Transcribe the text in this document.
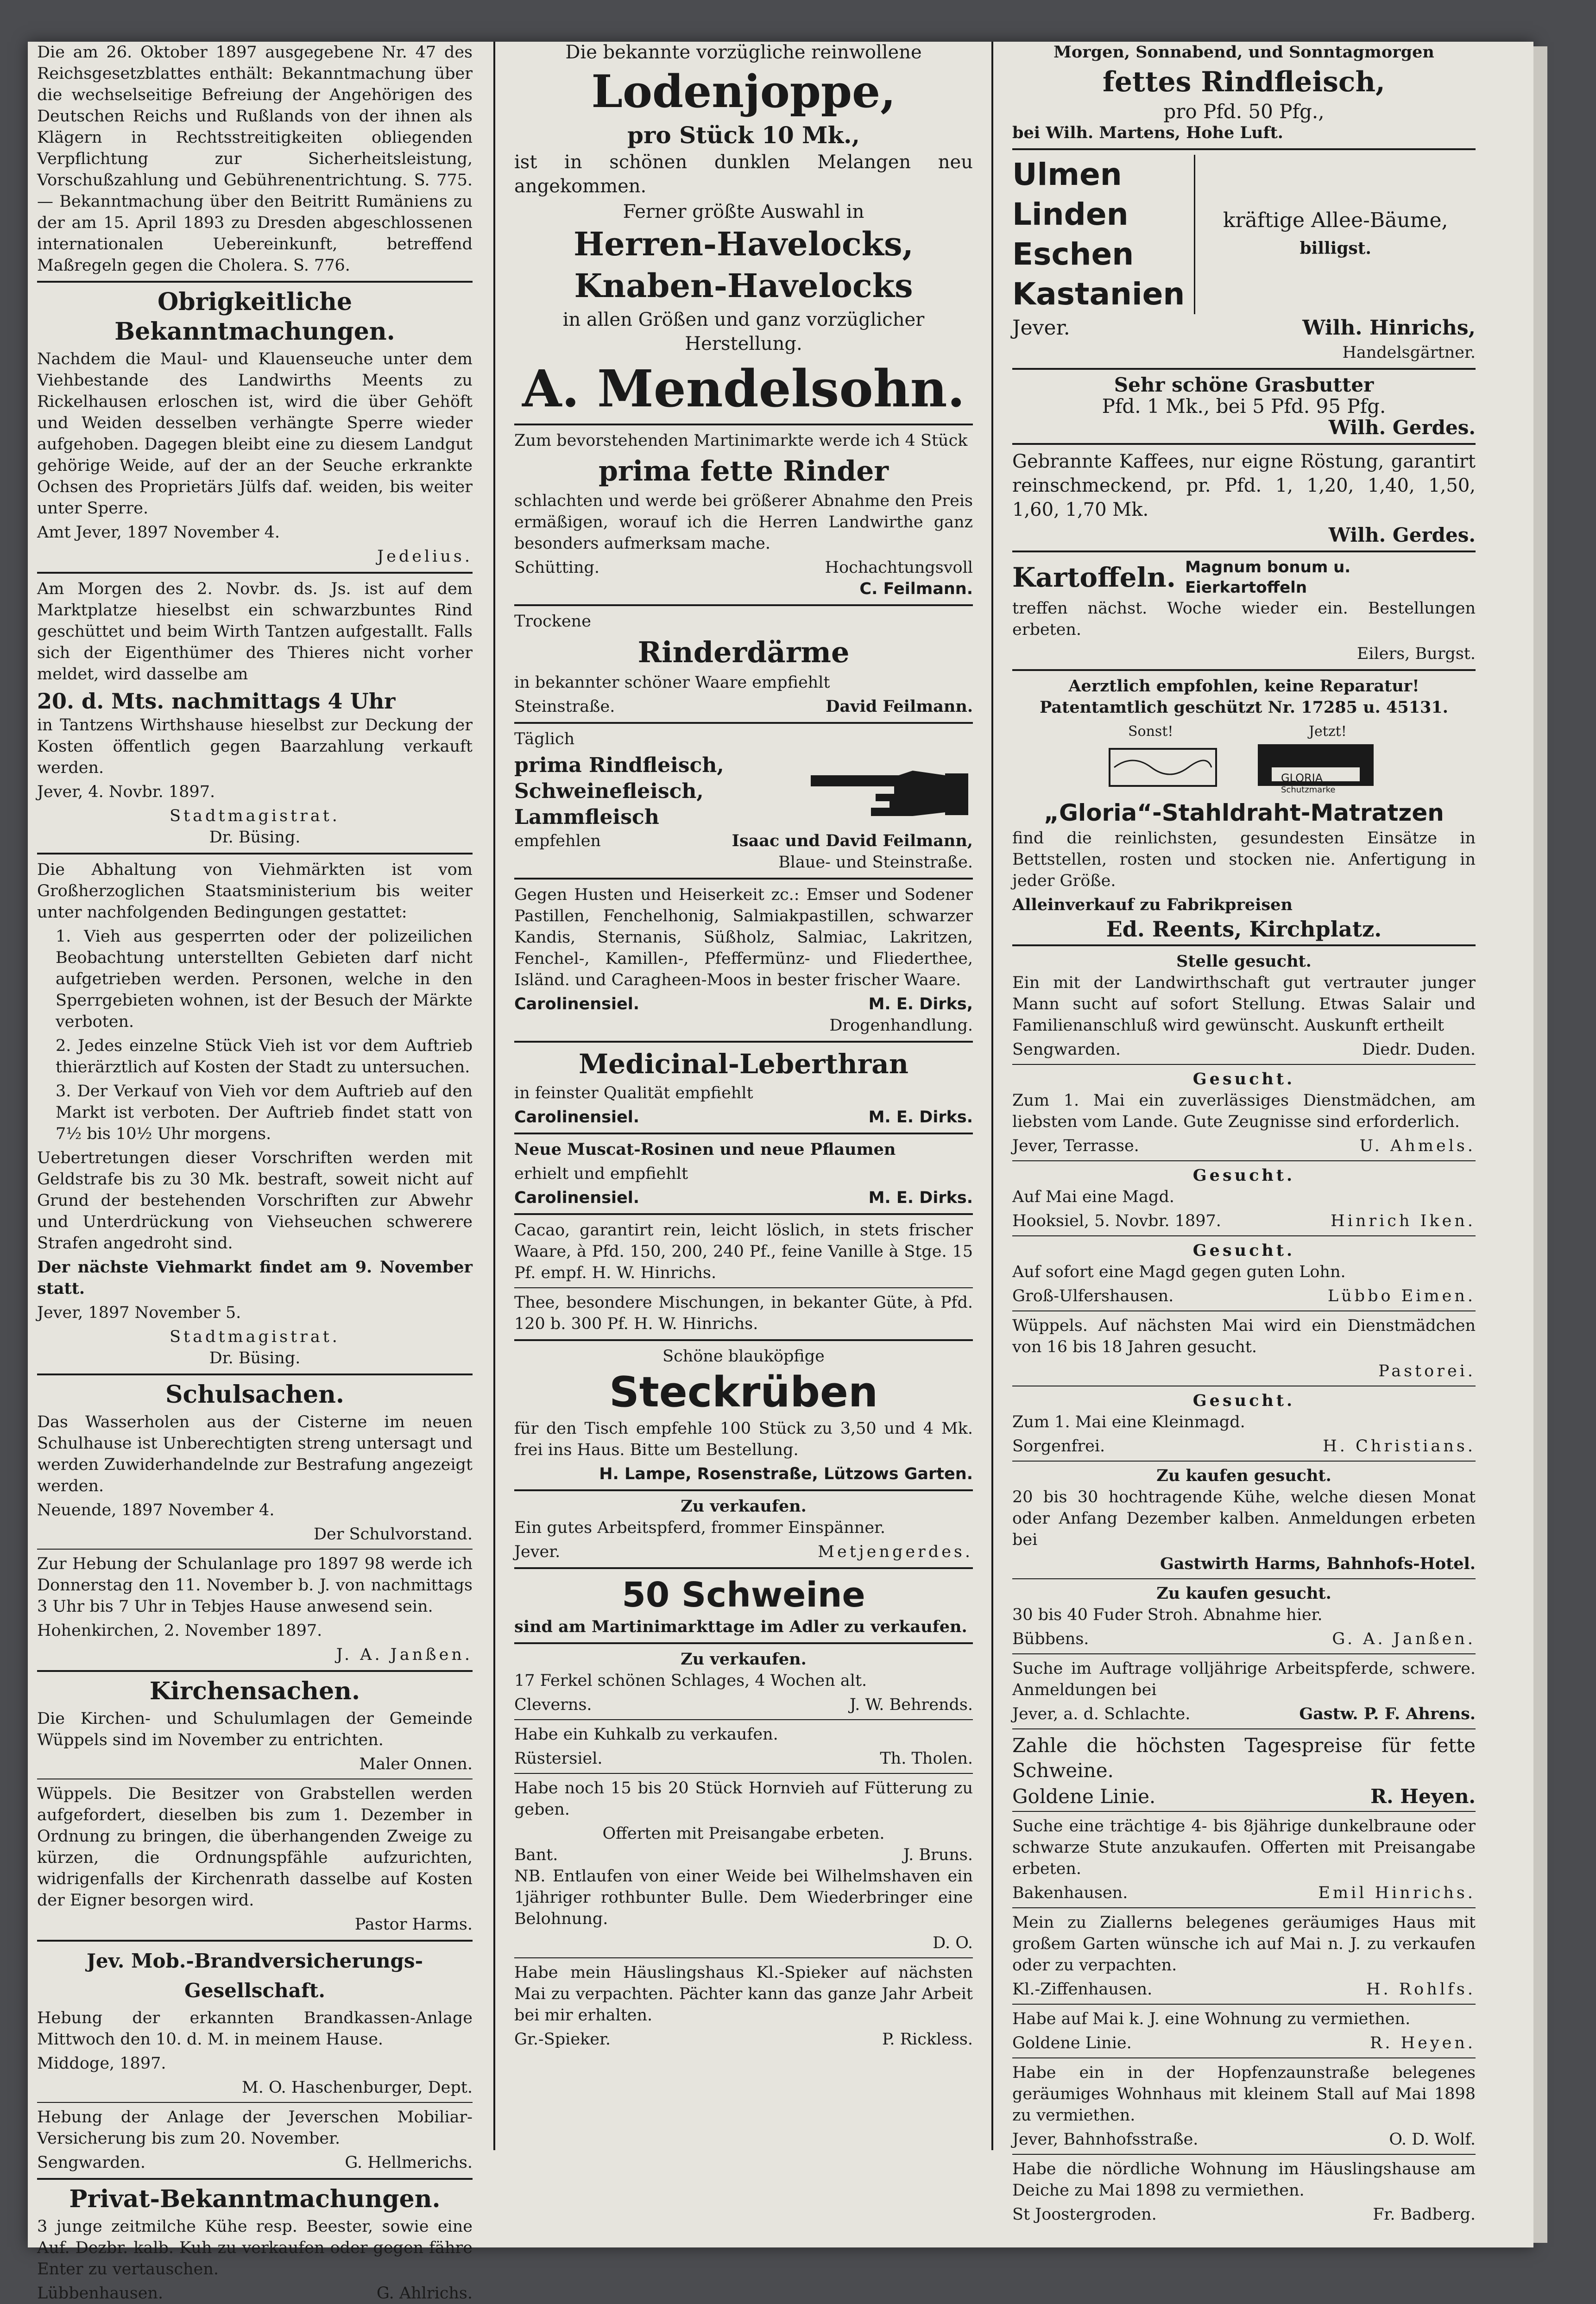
Die am 26. Oktober 1897 ausgegebene Nr. 47 des Reichsgesetzblattes enthält: Bekanntmachung über die wechselseitige Befreiung der Angehörigen des Deutschen Reichs und Rußlands von der ihnen als Klägern in Rechtsstreitigkeiten obliegenden Verpflichtung zur Sicherheitsleistung, Vorschußzahlung und Gebührenentrichtung. S. 775. — Bekanntmachung über den Beitritt Rumäniens zu der am 15. April 1893 zu Dresden abgeschlossenen internationalen Uebereinkunft, betreffend Maßregeln gegen die Cholera. S. 776.

Obrigkeitliche Bekanntmachungen.

Nachdem die Maul- und Klauenseuche unter dem Viehbestande des Landwirths Meents zu Rickelhausen erloschen ist, wird die über Gehöft und Weiden desselben verhängte Sperre wieder aufgehoben. Dagegen bleibt eine zu diesem Landgut gehörige Weide, auf der an der Seuche erkrankte Ochsen des Proprietärs Jülfs daf. weiden, bis weiter unter Sperre.

Amt Jever, 1897 November 4.

Jedelius.

Am Morgen des 2. Novbr. ds. Js. ist auf dem Marktplatze hieselbst ein schwarzbuntes Rind geschüttet und beim Wirth Tantzen aufgestallt. Falls sich der Eigenthümer des Thieres nicht vorher meldet, wird dasselbe am

20. d. Mts. nachmittags 4 Uhr

in Tantzens Wirthshause hieselbst zur Deckung der Kosten öffentlich gegen Baarzahlung verkauft werden.

Jever, 4. Novbr. 1897.

Stadtmagistrat.

Dr. Büsing.

Die Abhaltung von Viehmärkten ist vom Großherzoglichen Staatsministerium bis weiter unter nachfolgenden Bedingungen gestattet:

1. Vieh aus gesperrten oder der polizeilichen Beobachtung unterstellten Gebieten darf nicht aufgetrieben werden. Personen, welche in den Sperrgebieten wohnen, ist der Besuch der Märkte verboten.

2. Jedes einzelne Stück Vieh ist vor dem Auftrieb thierärztlich auf Kosten der Stadt zu untersuchen.

3. Der Verkauf von Vieh vor dem Auftrieb auf den Markt ist verboten. Der Auftrieb findet statt von 7½ bis 10½ Uhr morgens.

Uebertretungen dieser Vorschriften werden mit Geldstrafe bis zu 30 Mk. bestraft, soweit nicht auf Grund der bestehenden Vorschriften zur Abwehr und Unterdrückung von Viehseuchen schwerere Strafen angedroht sind.

Der nächste Viehmarkt findet am 9. November statt.

Jever, 1897 November 5.

Stadtmagistrat.

Dr. Büsing.

Schulsachen.

Das Wasserholen aus der Cisterne im neuen Schulhause ist Unberechtigten streng untersagt und werden Zuwiderhandelnde zur Bestrafung angezeigt werden.

Neuende, 1897 November 4.

Der Schulvorstand.

Zur Hebung der Schulanlage pro 1897 98 werde ich Donnerstag den 11. November b. J. von nachmittags 3 Uhr bis 7 Uhr in Tebjes Hause anwesend sein.

Hohenkirchen, 2. November 1897.

J. A. Janßen.

Kirchensachen.

Die Kirchen- und Schulumlagen der Gemeinde Wüppels sind im November zu entrichten.

Maler Onnen.

Wüppels. Die Besitzer von Grabstellen werden aufgefordert, dieselben bis zum 1. Dezember in Ordnung zu bringen, die überhangenden Zweige zu kürzen, die Ordnungspfähle aufzurichten, widrigenfalls der Kirchenrath dasselbe auf Kosten der Eigner besorgen wird.

Pastor Harms.

Jev. Mob.-Brandversicherungs-Gesellschaft.

Hebung der erkannten Brandkassen-Anlage Mittwoch den 10. d. M. in meinem Hause.

Middoge, 1897.

M. O. Haschenburger, Dept.

Hebung der Anlage der Jeverschen Mobiliar-Versicherung bis zum 20. November.

Sengwarden.	G. Hellmerichs.
Privat-Bekanntmachungen.

3 junge zeitmilche Kühe resp. Beester, sowie eine Auf. Dezbr. kalb. Kuh zu verkaufen oder gegen fähre Enter zu vertauschen.

Lübbenhausen.	G. Ahlrichs.

Die bekannte vorzügliche reinwollene

Lodenjoppe,

pro Stück 10 Mk.,

ist in schönen dunklen Melangen neu angekommen.

Ferner größte Auswahl in

Herren-Havelocks,
Knaben-Havelocks

in allen Größen und ganz vorzüglicher Herstellung.

A. Mendelsohn.

Zum bevorstehenden Martinimarkte werde ich 4 Stück

prima fette Rinder

schlachten und werde bei größerer Abnahme den Preis ermäßigen, worauf ich die Herren Landwirthe ganz besonders aufmerksam mache.

Schütting.	Hochachtungsvoll

C. Feilmann.

Trockene

Rinderdärme

in bekannter schöner Waare empfiehlt

Steinstraße.	David Feilmann.

Täglich

prima Rindfleisch,
Schweinefleisch,
Lammfleisch
empfehlen	Isaac und David Feilmann,

Blaue- und Steinstraße.

Gegen Husten und Heiserkeit zc.: Emser und Sodener Pastillen, Fenchelhonig, Salmiakpastillen, schwarzer Kandis, Sternanis, Süßholz, Salmiac, Lakritzen, Fenchel-, Kamillen-, Pfeffermünz- und Fliederthee, Isländ. und Caragheen-Moos in bester frischer Waare.

Carolinensiel.	M. E. Dirks,

Drogenhandlung.

Medicinal-Leberthran

in feinster Qualität empfiehlt

Carolinensiel.	M. E. Dirks.

Neue Muscat-Rosinen und neue Pflaumen

erhielt und empfiehlt

Carolinensiel.	M. E. Dirks.

Cacao, garantirt rein, leicht löslich, in stets frischer Waare, à Pfd. 150, 200, 240 Pf., feine Vanille à Stge. 15 Pf. empf. H. W. Hinrichs.

Thee, besondere Mischungen, in bekanter Güte, à Pfd. 120 b. 300 Pf. H. W. Hinrichs.

Schöne blauköpfige

Steckrüben

für den Tisch empfehle 100 Stück zu 3,50 und 4 Mk. frei ins Haus. Bitte um Bestellung.

H. Lampe, Rosenstraße, Lützows Garten.

Zu verkaufen.

Ein gutes Arbeitspferd, frommer Einspänner.

Jever.	Metjengerdes.
50 Schweine

sind am Martinimarkttage im Adler zu verkaufen.

Zu verkaufen.

17 Ferkel schönen Schlages, 4 Wochen alt.

Cleverns.	J. W. Behrends.

Habe ein Kuhkalb zu verkaufen.

Rüstersiel.	Th. Tholen.

Habe noch 15 bis 20 Stück Hornvieh auf Fütterung zu geben.

Offerten mit Preisangabe erbeten.

Bant.	J. Bruns.

NB. Entlaufen von einer Weide bei Wilhelmshaven ein 1jähriger rothbunter Bulle. Dem Wiederbringer eine Belohnung.

D. O.

Habe mein Häuslingshaus Kl.-Spieker auf nächsten Mai zu verpachten. Pächter kann das ganze Jahr Arbeit bei mir erhalten.

Gr.-Spieker.	P. Rickless.

Morgen, Sonnabend, und Sonntagmorgen

fettes Rindfleisch,

pro Pfd. 50 Pfg.,

bei Wilh. Martens, Hohe Luft.

Ulmen
Linden
Eschen
Kastanien
kräftige Allee-Bäume,
billigst.
Jever.	Wilh. Hinrichs,

Handelsgärtner.

Sehr schöne Grasbutter

Pfd. 1 Mk., bei 5 Pfd. 95 Pfg.

Wilh. Gerdes.

Gebrannte Kaffees, nur eigne Röstung, garantirt reinschmeckend, pr. Pfd. 1, 1,20, 1,40, 1,50, 1,60, 1,70 Mk.

Wilh. Gerdes.

Kartoffeln. Magnum bonum u. Eierkartoffeln

treffen nächst. Woche wieder ein. Bestellungen erbeten.

Eilers, Burgst.

Aerztlich empfohlen, keine Reparatur!

Patentamtlich geschützt Nr. 17285 u. 45131.

Sonst!	Jetzt!
GLORIA
Schutzmarke
„Gloria“-Stahldraht-Matratzen

find die reinlichsten, gesundesten Einsätze in Bettstellen, rosten und stocken nie. Anfertigung in jeder Größe.

Alleinverkauf zu Fabrikpreisen

Ed. Reents, Kirchplatz.

Stelle gesucht.

Ein mit der Landwirthschaft gut vertrauter junger Mann sucht auf sofort Stellung. Etwas Salair und Familienanschluß wird gewünscht. Auskunft ertheilt

Sengwarden.	Diedr. Duden.

Gesucht.

Zum 1. Mai ein zuverlässiges Dienstmädchen, am liebsten vom Lande. Gute Zeugnisse sind erforderlich.

Jever, Terrasse.	U. Ahmels.

Gesucht.

Auf Mai eine Magd.

Hooksiel, 5. Novbr. 1897.	Hinrich Iken.

Gesucht.

Auf sofort eine Magd gegen guten Lohn.

Groß-Ulfershausen.	Lübbo Eimen.

Wüppels. Auf nächsten Mai wird ein Dienstmädchen von 16 bis 18 Jahren gesucht.

Pastorei.

Gesucht.

Zum 1. Mai eine Kleinmagd.

Sorgenfrei.	H. Christians.

Zu kaufen gesucht.

20 bis 30 hochtragende Kühe, welche diesen Monat oder Anfang Dezember kalben. Anmeldungen erbeten bei

Gastwirth Harms, Bahnhofs-Hotel.

Zu kaufen gesucht.

30 bis 40 Fuder Stroh. Abnahme hier.

Bübbens.	G. A. Janßen.

Suche im Auftrage volljährige Arbeitspferde, schwere. Anmeldungen bei

Jever, a. d. Schlachte.	Gastw. P. F. Ahrens.

Zahle die höchsten Tagespreise für fette Schweine.

Goldene Linie.	R. Heyen.

Suche eine trächtige 4- bis 8jährige dunkelbraune oder schwarze Stute anzukaufen. Offerten mit Preisangabe erbeten.

Bakenhausen.	Emil Hinrichs.

Mein zu Ziallerns belegenes geräumiges Haus mit großem Garten wünsche ich auf Mai n. J. zu verkaufen oder zu verpachten.

Kl.-Ziffenhausen.	H. Rohlfs.

Habe auf Mai k. J. eine Wohnung zu vermiethen.

Goldene Linie.	R. Heyen.

Habe ein in der Hopfenzaunstraße belegenes geräumiges Wohnhaus mit kleinem Stall auf Mai 1898 zu vermiethen.

Jever, Bahnhofsstraße.	O. D. Wolf.

Habe die nördliche Wohnung im Häuslingshause am Deiche zu Mai 1898 zu vermiethen.

St Joostergroden.	Fr. Badberg.
